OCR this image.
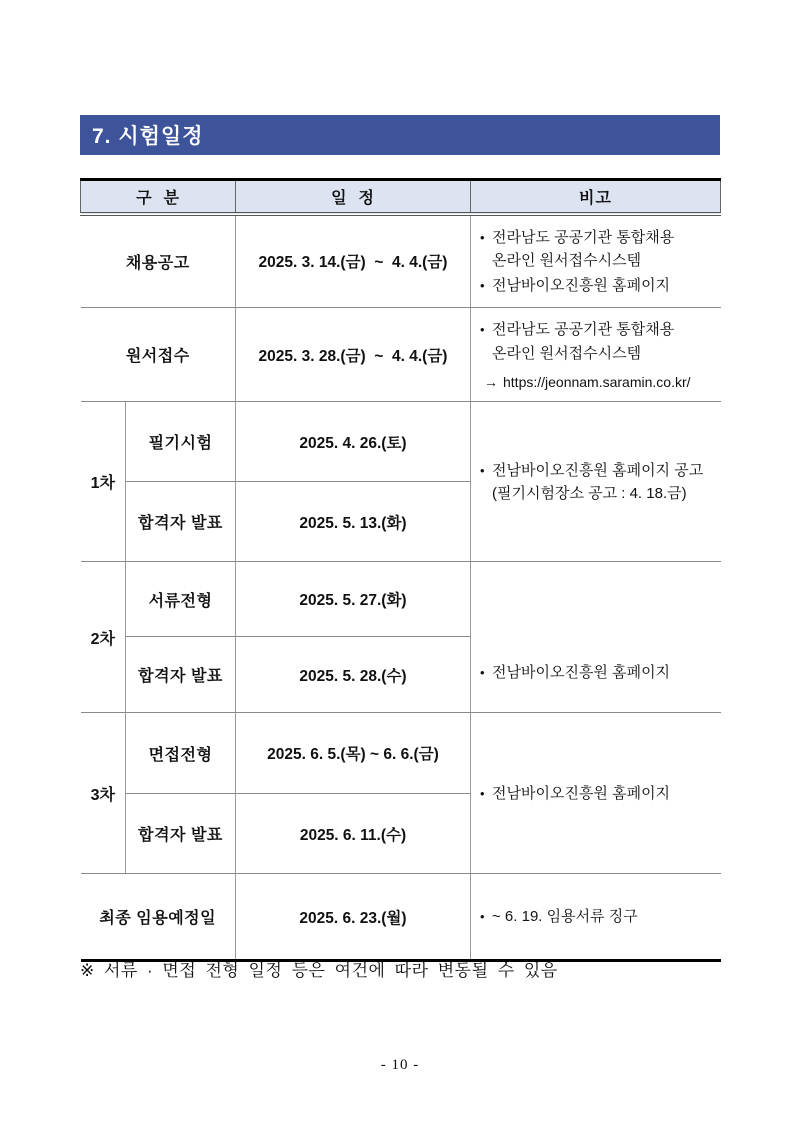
7. 시험일정
구  분		일  정	비고
채용공고		2025. 3. 14.(금)  ~  4. 4.(금)	• 전라남도 공공기관 통합채용
온라인 원서접수시스템
• 전남바이오진흥원 홈페이지

원서접수		2025. 3. 28.(금)  ~  4. 4.(금)	• 전라남도 공공기관 통합채용
온라인 원서접수시스템
→ https://jeonnam.saramin.co.kr/

1차	필기시험	2025. 4. 26.(토)	• 전남바이오진흥원 홈페이지 공고
(필기시험장소 공고 : 4. 18.금)

	합격자 발표	2025. 5. 13.(화)	
2차	서류전형	2025. 5. 27.(화)	• 전남바이오진흥원 홈페이지

	합격자 발표	2025. 5. 28.(수)	
3차	면접전형	2025. 6. 5.(목) ~ 6. 6.(금)	• 전남바이오진흥원 홈페이지

	합격자 발표	2025. 6. 11.(수)	
최종 임용예정일		2025. 6. 23.(월)	• ~ 6. 19. 임용서류 징구
※ 서류 · 면접 전형 일정 등은 여건에 따라 변동될 수 있음
- 10 -
